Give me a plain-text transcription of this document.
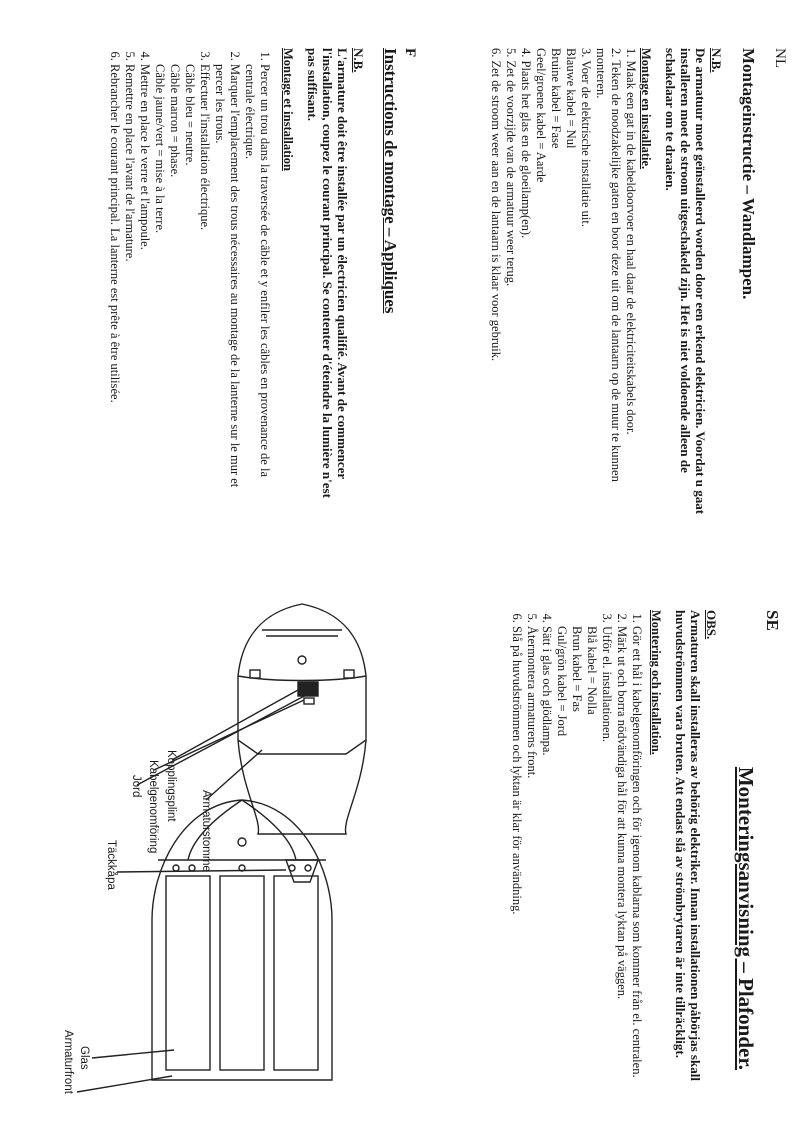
NL
Montageinstructie – Wandlampen.
N.B.
De armatuur moet geïnstalleerd worden door een erkend elektricien. Voordat u gaat installeren moet de stroom uitgeschakeld zijn. Het is niet voldoende alleen de schakelaar om te draaien.
Montage en installatie.
1. Maak een gat in de kabeldoorvoer en haal daar de elektriciteitskabels door.
2. Teken de noodzakelijke gaten en boor deze uit om de lantaarn op de muur te kunnen monteren.
3. Voer de elektrische installatie uit.
Blauwe kabel = Nul
Bruine kabel = Fase
Geel/groene kabel = Aarde
4. Plaats het glas en de gloeilamp(en).
5. Zet de voorzijde van de armatuur weer terug.
6. Zet de stroom weer aan en de lantaarn is klaar voor gebruik.
F
Instructions de montage – Appliques
N.B.
L'armature doit être installée par un électricien qualifié. Avant de commencer l'installation, coupez le courant principal. Se contenter d'éteindre la lumière n'est pas suffisant.
Montage et installation
1. Percer un trou dans la traversée de câble et y enfiler les câbles en provenance de la centrale électrique.
2. Marquer l'emplacement des trous nécessaires au montage de la lanterne sur le mur et percer les trous.
3. Effectuer l'installation électrique.
Câble bleu = neutre.
Câble marron = phase.
Câble jaune/vert = mise à la terre.
4. Mettre en place le verre et l'ampoule.
5. Remettre en place l'avant de l'armature.
6. Rebrancher le courant principal. La lanterne est prête à être utilisée.
SE
Monteringsanvisning – Plafonder.
OBS.
Armaturen skall installeras av behörig elektriker. Innan installationen påbörjas skall huvudströmmen vara bruten. Att endast slå av strömbrytaren är inte tillräckligt.
Montering och installation.
1. Gör ett hål i kabelgenomföringen och för igenom kablarna som kommer från el. centralen.
2. Märk ut och borra nödvändiga hål för att kunna montera lyktan på väggen.
3. Utför el. installationen.
Blå kabel = Nolla
Brun kabel = Fas
Gul/grön kabel = Jord
4. Sätt i glas och glödlampa.
5. Återmontera armaturens front.
6. Slå på huvudströmmen och lyktan är klar för användning.
Armaturstomme
Kopplingsplint
Kabelgenomföring
Jord
Täckkåpa
Glas
Armaturfront
